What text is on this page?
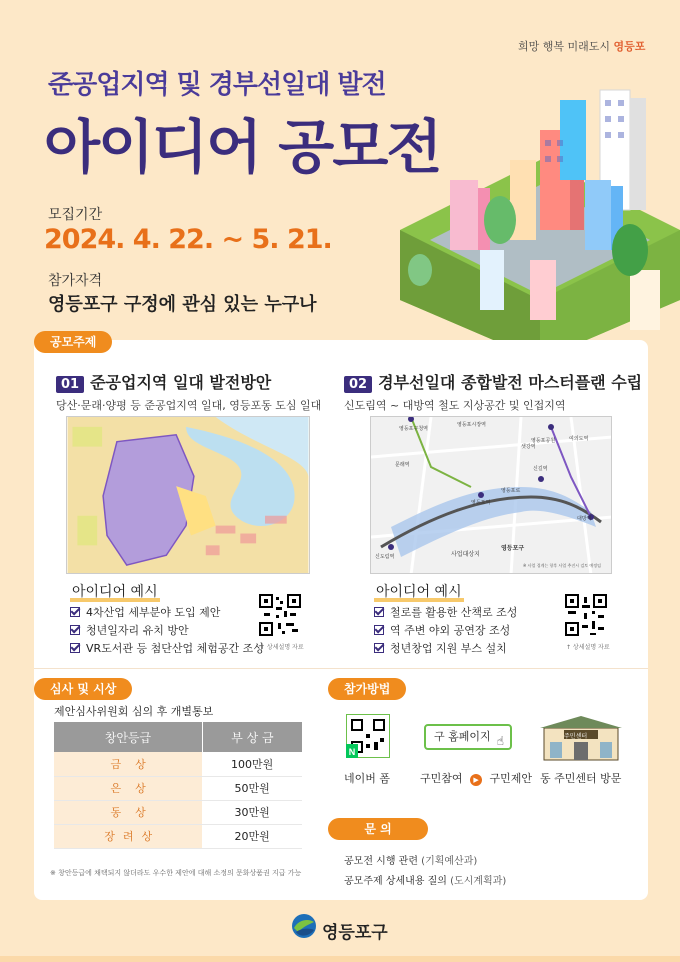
희망 행복 미래도시 영등포
준공업지역 및 경부선일대 발전
아이디어 공모전
모집기간
2024. 4. 22. ~ 5. 21.
참가자격
영등포구 구정에 관심 있는 누구나
공모주제
01 준공업지역 일대 발전방안
당산·문래·양평 등 준공업지역 일대, 영등포동 도심 일대
아이디어 예시
4차산업 세부분야 도입 제안
청년일자리 유치 방안
VR도서관 등 첨단산업 체험공간 조성
↑ 상세설명 자료
02 경부선일대 종합발전 마스터플랜 수립
신도림역 ~ 대방역 철도 지상공간 및 인접지역
영등포구청역
영등포시장역
문래역
영등포공원	여의도역
샛강역
신길역
대방역
신도림역
영등포역
영등포로
사업대상지
영등포구
※ 사업 경계는 향후 사업 추진시 검토 예정임
아이디어 예시
철로를 활용한 산책로 조성
역 주변 야외 공연장 조성
청년창업 지원 부스 설치	↑ 상세설명 자료
심사 및 시상
제안심사위원회 심의 후 개별통보
창안등급	부 상 금
금상	100만원
은상	50만원
동상	30만원
장려상	20만원
※ 창안등급에 채택되지 않더라도 우수한 제안에 대해 소정의 문화상품권 지급 가능
참가방법
N
네이버 폼
구 홈페이지 ☝
구민참여 ▶ 구민제안
주민센터
동 주민센터 방문
문 의
공모전 시행 관련 (기획예산과)
공모주제 상세내용 질의 (도시계획과)
영등포구
